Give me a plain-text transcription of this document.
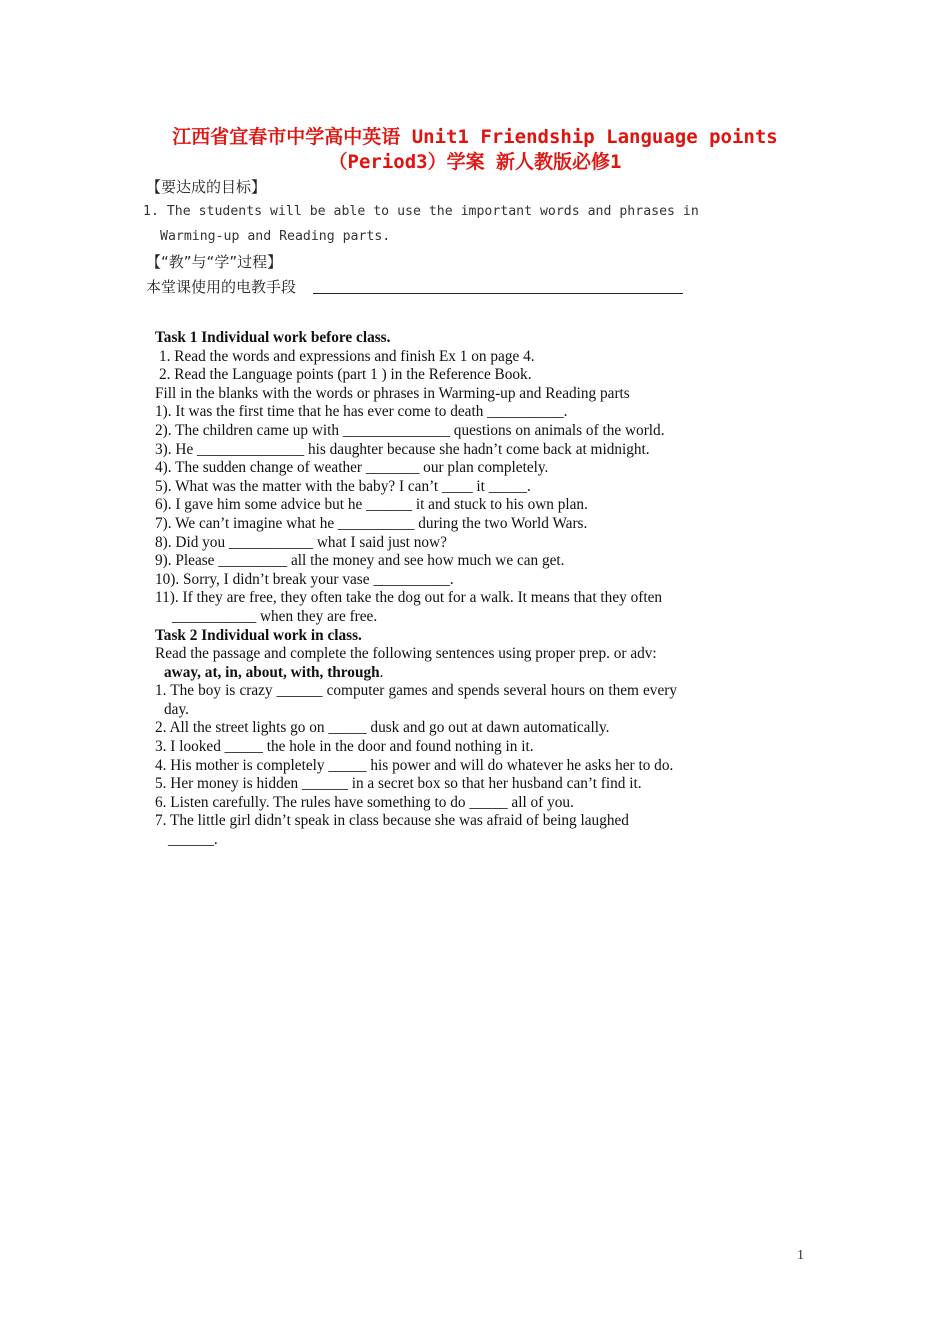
江西省宜春市中学高中英语 Unit1 Friendship Language points
（Period3）学案 新人教版必修1
【要达成的目标】
1. The students will be able to use the important words and phrases in
Warming-up and Reading parts.
【“教”与“学”过程】
本堂课使用的电教手段

Task 1 Individual work before class.

1. Read the words and expressions and finish Ex 1 on page 4.

2. Read the Language points (part 1 ) in the Reference Book.

Fill in the blanks with the words or phrases in Warming-up and Reading parts

1). It was the first time that he has ever come to death __________.

2). The children came up with ______________ questions on animals of the world.

3). He ______________ his daughter because she hadn’t come back at midnight.

4). The sudden change of weather _______ our plan completely.

5). What was the matter with the baby? I can’t ____ it _____.

6). I gave him some advice but he ______ it and stuck to his own plan.

7). We can’t imagine what he __________ during the two World Wars.

8). Did you ___________ what I said just now?

9). Please _________ all the money and see how much we can get.

10). Sorry, I didn’t break your vase __________.

11). If they are free, they often take the dog out for a walk. It means that they often ___________ when they are free.

Task 2 Individual work in class.

Read the passage and complete the following sentences using proper prep. or adv: away, at, in, about, with, through.

1. The boy is crazy ______ computer games and spends several hours on them every day.

2. All the street lights go on _____ dusk and go out at dawn automatically.

3. I looked _____ the hole in the door and found nothing in it.

4. His mother is completely _____ his power and will do whatever he asks her to do.

5. Her money is hidden ______ in a secret box so that her husband can’t find it.

6. Listen carefully. The rules have something to do _____ all of you.

7. The little girl didn’t speak in class because she was afraid of being laughed ______.

1
